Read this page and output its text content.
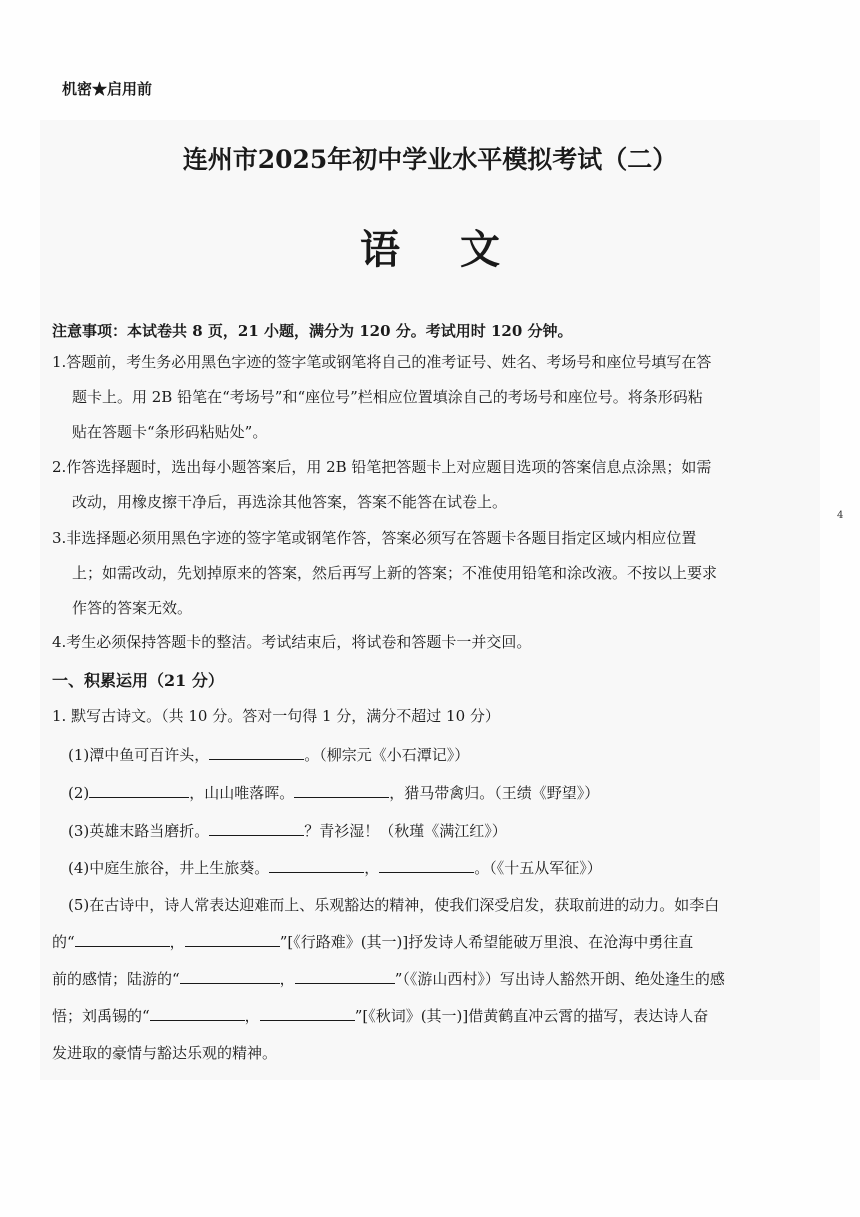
机密★启用前
连州市2025年初中学业水平模拟考试（二）
语文
注意事项：本试卷共 8 页，21 小题，满分为 120 分。考试用时 120 分钟。
1.答题前，考生务必用黑色字迹的签字笔或钢笔将自己的准考证号、姓名、考场号和座位号填写在答
题卡上。用 2B 铅笔在“考场号”和“座位号”栏相应位置填涂自己的考场号和座位号。将条形码粘
贴在答题卡“条形码粘贴处”。
2.作答选择题时，选出每小题答案后，用 2B 铅笔把答题卡上对应题目选项的答案信息点涂黑；如需
改动，用橡皮擦干净后，再选涂其他答案，答案不能答在试卷上。
3.非选择题必须用黑色字迹的签字笔或钢笔作答，答案必须写在答题卡各题目指定区域内相应位置
上；如需改动，先划掉原来的答案，然后再写上新的答案；不准使用铅笔和涂改液。不按以上要求
作答的答案无效。
4.考生必须保持答题卡的整洁。考试结束后，将试卷和答题卡一并交回。
一、积累运用（21 分）
1. 默写古诗文。（共 10 分。答对一句得 1 分，满分不超过 10 分）
(1)潭中鱼可百许头，	。（柳宗元《小石潭记》）
(2)	，山山唯落晖。	，猎马带禽归。（王绩《野望》）
(3)英雄末路当磨折。	？青衫湿！（秋瑾《满江红》）
(4)中庭生旅谷，井上生旅葵。	，	。（《十五从军征》）
(5)在古诗中，诗人常表达迎难而上、乐观豁达的精神，使我们深受启发，获取前进的动力。如李白
的“	，	”[《行路难》(其一)]抒发诗人希望能破万里浪、在沧海中勇往直
前的感情；陆游的“	，	”（《游山西村》）写出诗人豁然开朗、绝处逢生的感
悟；刘禹锡的“	，	”[《秋词》(其一)]借黄鹤直冲云霄的描写，表达诗人奋
发进取的豪情与豁达乐观的精神。
4
